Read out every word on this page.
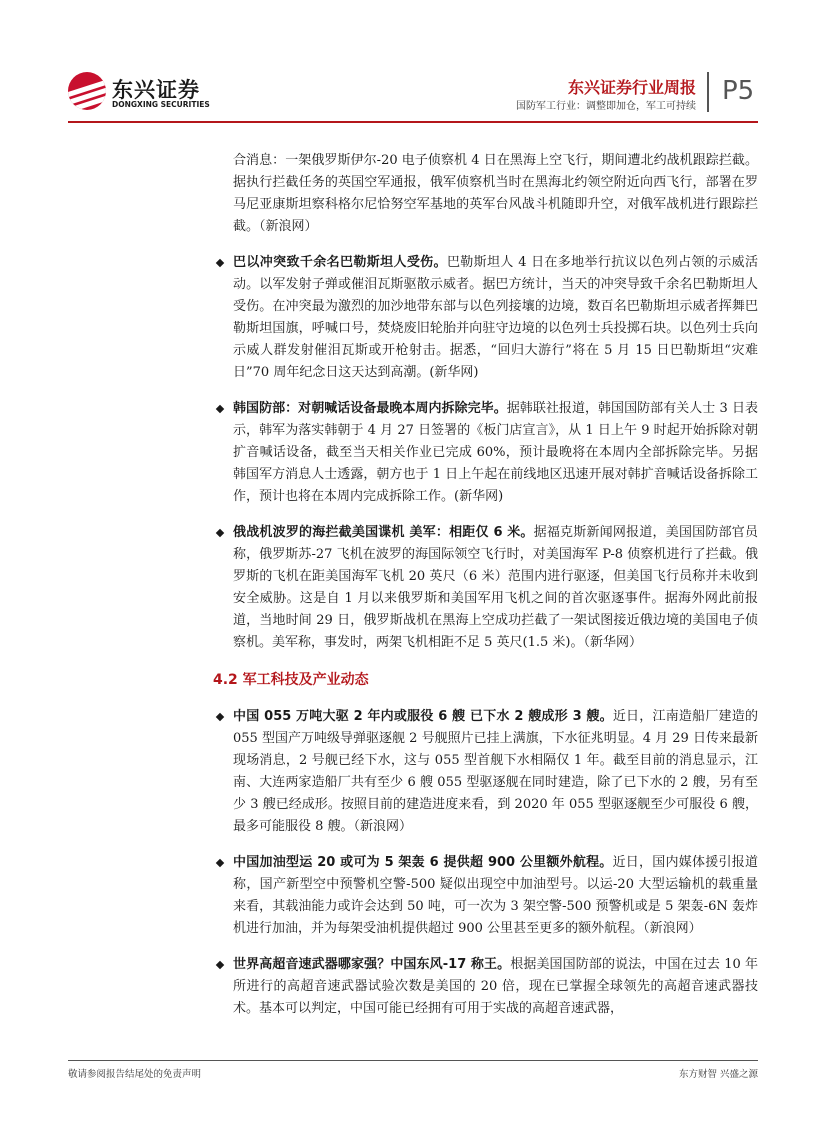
东兴证券
DONGXING SECURITIES
东兴证券行业周报
国防军工行业：调整即加仓，军工可持续
P5

合消息：一架俄罗斯伊尔-20 电子侦察机 4 日在黑海上空飞行，期间遭北约战机跟踪拦截。据执行拦截任务的英国空军通报，俄军侦察机当时在黑海北约领空附近向西飞行，部署在罗马尼亚康斯坦察科格尔尼恰努空军基地的英军台风战斗机随即升空，对俄军战机进行跟踪拦截。（新浪网）

巴以冲突致千余名巴勒斯坦人受伤。巴勒斯坦人 4 日在多地举行抗议以色列占领的示威活动。以军发射子弹或催泪瓦斯驱散示威者。据巴方统计，当天的冲突导致千余名巴勒斯坦人受伤。在冲突最为激烈的加沙地带东部与以色列接壤的边境，数百名巴勒斯坦示威者挥舞巴勒斯坦国旗，呼喊口号，焚烧废旧轮胎并向驻守边境的以色列士兵投掷石块。以色列士兵向示威人群发射催泪瓦斯或开枪射击。据悉，“回归大游行”将在 5 月 15 日巴勒斯坦“灾难日”70 周年纪念日这天达到高潮。(新华网)

韩国防部：对朝喊话设备最晚本周内拆除完毕。据韩联社报道，韩国国防部有关人士 3 日表示，韩军为落实韩朝于 4 月 27 日签署的《板门店宣言》，从 1 日上午 9 时起开始拆除对朝扩音喊话设备，截至当天相关作业已完成 60%，预计最晚将在本周内全部拆除完毕。另据韩国军方消息人士透露，朝方也于 1 日上午起在前线地区迅速开展对韩扩音喊话设备拆除工作，预计也将在本周内完成拆除工作。(新华网)

俄战机波罗的海拦截美国谍机 美军：相距仅 6 米。据福克斯新闻网报道，美国国防部官员称，俄罗斯苏-27 飞机在波罗的海国际领空飞行时，对美国海军 P-8 侦察机进行了拦截。俄罗斯的飞机在距美国海军飞机 20 英尺（6 米）范围内进行驱逐，但美国飞行员称并未收到安全威胁。这是自 1 月以来俄罗斯和美国军用飞机之间的首次驱逐事件。据海外网此前报道，当地时间 29 日，俄罗斯战机在黑海上空成功拦截了一架试图接近俄边境的美国电子侦察机。美军称，事发时，两架飞机相距不足 5 英尺(1.5 米)。（新华网）

4.2 军工科技及产业动态

中国 055 万吨大驱 2 年内或服役 6 艘 已下水 2 艘成形 3 艘。近日，江南造船厂建造的 055 型国产万吨级导弹驱逐舰 2 号舰照片已挂上满旗，下水征兆明显。4 月 29 日传来最新现场消息，2 号舰已经下水，这与 055 型首舰下水相隔仅 1 年。截至目前的消息显示，江南、大连两家造船厂共有至少 6 艘 055 型驱逐舰在同时建造，除了已下水的 2 艘，另有至少 3 艘已经成形。按照目前的建造进度来看，到 2020 年 055 型驱逐舰至少可服役 6 艘，最多可能服役 8 艘。（新浪网）

中国加油型运 20 或可为 5 架轰 6 提供超 900 公里额外航程。近日，国内媒体援引报道称，国产新型空中预警机空警-500 疑似出现空中加油型号。以运-20 大型运输机的载重量来看，其载油能力或许会达到 50 吨，可一次为 3 架空警-500 预警机或是 5 架轰-6N 轰炸机进行加油，并为每架受油机提供超过 900 公里甚至更多的额外航程。（新浪网）

世界高超音速武器哪家强？中国东风-17 称王。根据美国国防部的说法，中国在过去 10 年所进行的高超音速武器试验次数是美国的 20 倍，现在已掌握全球领先的高超音速武器技术。基本可以判定，中国可能已经拥有可用于实战的高超音速武器，

敬请参阅报告结尾处的免责声明	东方财智 兴盛之源
